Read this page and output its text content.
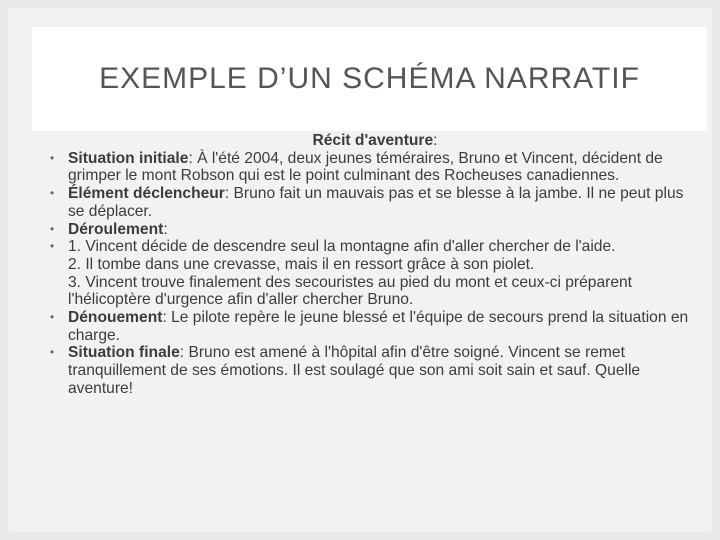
EXEMPLE D’UN SCHÉMA NARRATIF
Récit d'aventure:
• Situation initiale: À l'été 2004, deux jeunes téméraires, Bruno et Vincent, décident de grimper le mont Robson qui est le point culminant des Rocheuses canadiennes.
• Élément déclencheur: Bruno fait un mauvais pas et se blesse à la jambe. Il ne peut plus se déplacer.
• Déroulement:
• 1. Vincent décide de descendre seul la montagne afin d'aller chercher de l'aide.
2. Il tombe dans une crevasse, mais il en ressort grâce à son piolet.
3. Vincent trouve finalement des secouristes au pied du mont et ceux-ci préparent l'hélicoptère d'urgence afin d'aller chercher Bruno.
• Dénouement: Le pilote repère le jeune blessé et l'équipe de secours prend la situation en charge.
• Situation finale: Bruno est amené à l'hôpital afin d'être soigné. Vincent se remet tranquillement de ses émotions. Il est soulagé que son ami soit sain et sauf. Quelle aventure!
